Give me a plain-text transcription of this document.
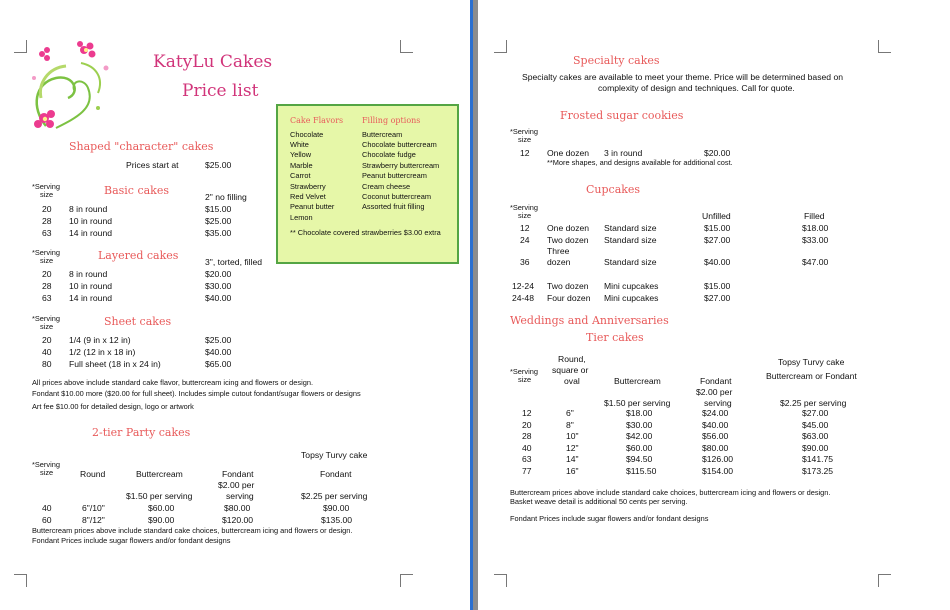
KatyLu Cakes
Price list
Shaped "character" cakes
Prices start at	$25.00
*Serving
size	Basic cakes	2" no filling
20 8 in round	$15.00
28 10 in round	$25.00
63 14 in round	$35.00
*Serving
size	Layered cakes	3", torted, filled
20 8 in round	$20.00
28 10 in round	$30.00
63 14 in round	$40.00
*Serving
size	Sheet cakes
20 1/4 (9 in x 12 in)	$25.00
40 1/2 (12 in x 18 in)	$40.00
80 Full sheet (18 in x 24 in)	$65.00
All prices above include standard cake flavor, buttercream icing and flowers or design.
Fondant $10.00 more ($20.00 for full sheet). Includes simple cutout fondant/sugar flowers or designs
Art fee $10.00 for detailed design, logo or artwork
2-tier Party cakes
Topsy Turvy cake
*Serving
size	Round	Buttercream	Fondant	Fondant
$2.00 per
serving
$1.50 per serving	$2.25 per serving
40	6"/10"	$60.00	$80.00	$90.00
60	8"/12"	$90.00	$120.00	$135.00
Buttercream prices above include standard cake choices, buttercream icing and flowers or design.
Fondant Prices include sugar flowers and/or fondant designs
Cake Flavors Filling options
Chocolate
White
Yellow
Marble
Carrot
Strawberry
Red Velvet
Peanut butter
Lemon
Buttercream
Chocolate buttercream
Chocolate fudge
Strawberry buttercream
Peanut buttercream
Cream cheese
Coconut buttercream
Assorted fruit filling
** Chocolate covered strawberries $3.00 extra
Specialty cakes
Specialty cakes are available to meet your theme. Price will be determined based on
complexity of design and techniques. Call for quote.
Frosted sugar cookies
*Serving
size
12 One dozen 3 in round	$20.00
**More shapes, and designs available for additional cost.
Cupcakes
*Serving
size	Unfilled	Filled
12 One dozen Standard size	$15.00	$18.00
24 Two dozen Standard size	$27.00	$33.00
Three
36 dozen	Standard size	$40.00	$47.00
12-24 Two dozen Mini cupcakes	$15.00
24-48 Four dozen Mini cupcakes	$27.00
Weddings and Anniversaries
Tier cakes
Round,
square or
oval
Topsy Turvy cake
Buttercream or Fondant
*Serving
size	Buttercream	Fondant
$2.00 per
serving
$1.50 per serving	$2.25 per serving
12	6"	$18.00	$24.00	$27.00
20	8"	$30.00	$40.00	$45.00
28	10"	$42.00	$56.00	$63.00
40	12"	$60.00	$80.00	$90.00
63	14"	$94.50	$126.00	$141.75
77	16"	$115.50	$154.00	$173.25
Buttercream prices above include standard cake choices, buttercream icing and flowers or design.
Basket weave detail is additional 50 cents per serving.
Fondant Prices include sugar flowers and/or fondant designs
